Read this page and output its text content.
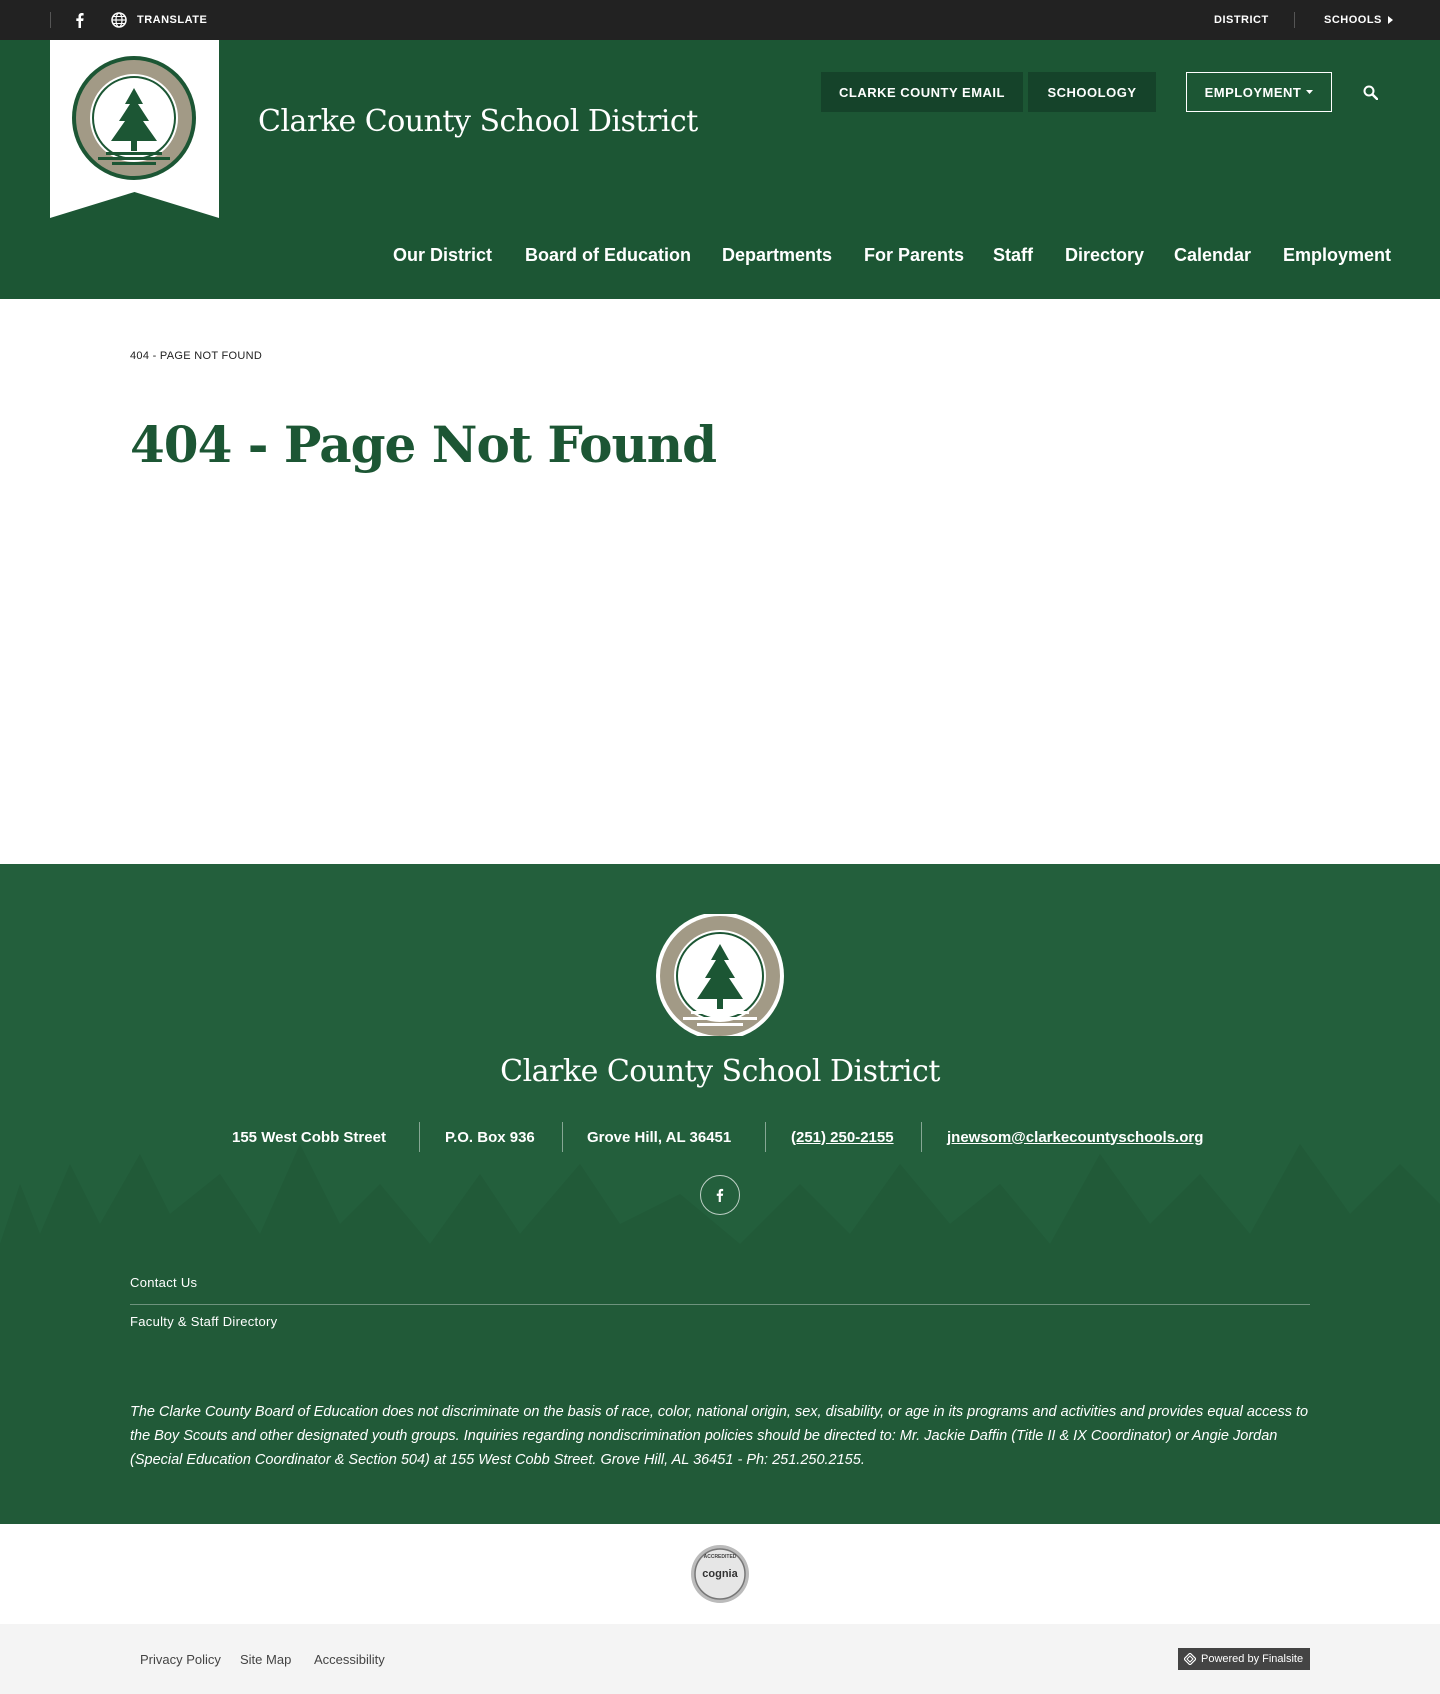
TRANSLATE	DISTRICT	SCHOOLS
Clarke County School District
CLARKE COUNTY EMAIL	SCHOOLOGY	EMPLOYMENT
Our District Board of Education Departments For Parents Staff Directory Calendar Employment
404 - PAGE NOT FOUND
404 - Page Not Found
Clarke County School District
155 West Cobb Street	P.O. Box 936	Grove Hill, AL 36451	(251) 250-2155	jnewsom@clarkecountyschools.org
Contact Us
Faculty & Staff Directory

The Clarke County Board of Education does not discriminate on the basis of race, color, national origin, sex, disability, or age in its programs and activities and provides equal access to the Boy Scouts and other designated youth groups. Inquiries regarding nondiscrimination policies should be directed to: Mr. Jackie Daffin (Title II & IX Coordinator) or Angie Jordan (Special Education Coordinator & Section 504) at 155 West Cobb Street. Grove Hill, AL 36451 - Ph: 251.250.2155.

ACCREDITED
cognia
Privacy Policy Site Map Accessibility	Powered by Finalsite
